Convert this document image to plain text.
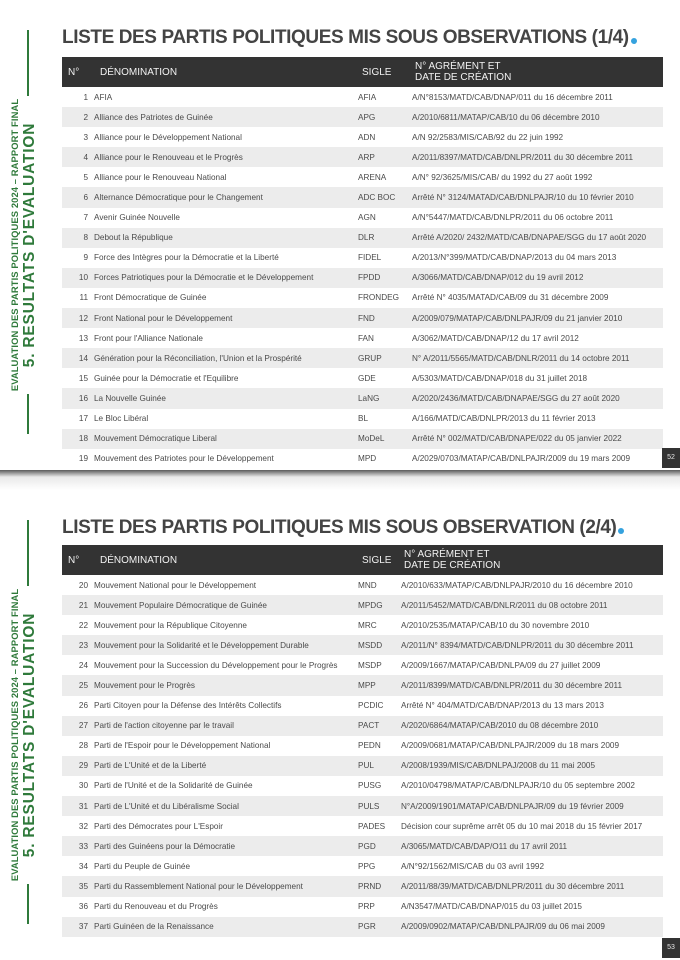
EVALUATION DES PARTIS POLITIQUES 2024 – RAPPORT FINAL 5. RESULTATS D'EVALUATION
LISTE DES PARTIS POLITIQUES MIS SOUS OBSERVATIONS (1/4)
N°	DÉNOMINATION	SIGLE	N° AGRÉMENT ET
DATE DE CRÉATION
1	AFIA	AFIA	A/N°8153/MATD/CAB/DNAP/011 du 16 décembre 2011
2	Alliance des Patriotes de Guinée	APG	A/2010/6811/MATAP/CAB/10 du 06 décembre 2010
3	Alliance pour le Développement National	ADN	A/N 92/2583/MIS/CAB/92 du 22 juin 1992
4	Alliance pour le Renouveau et le Progrès	ARP	A/2011/8397/MATD/CAB/DNLPR/2011 du 30 décembre 2011
5	Alliance pour le Renouveau National	ARENA	A/N° 92/3625/MIS/CAB/ du 1992 du 27 août 1992
6	Alternance Démocratique pour le Changement	ADC BOC	Arrêté N° 3124/MATAD/CAB/DNLPAJR/10 du 10 février 2010
7	Avenir Guinée Nouvelle	AGN	A/N°5447/MATD/CAB/DNLPR/2011 du 06 octobre 2011
8	Debout la République	DLR	Arrêté A/2020/ 2432/MATD/CAB/DNAPAE/SGG du 17 août 2020
9	Force des Intègres pour la Démocratie et la Liberté	FIDEL	A/2013/N°399/MATD/CAB/DNAP/2013 du 04 mars 2013
10	Forces Patriotiques pour la Démocratie et le Développement	FPDD	A/3066/MATD/CAB/DNAP/012 du 19 avril 2012
11	Front Démocratique de Guinée	FRONDEG	Arrêté N° 4035/MATAD/CAB/09 du 31 décembre 2009
12	Front National pour le Développement	FND	A/2009/079/MATAP/CAB/DNLPAJR/09 du 21 janvier 2010
13	Front pour l'Alliance Nationale	FAN	A/3062/MATD/CAB/DNAP/12 du 17 avril 2012
14	Génération pour la Réconciliation, l'Union et la Prospérité	GRUP	N° A/2011/5565/MATD/CAB/DNLR/2011 du 14 octobre 2011
15	Guinée pour la Démocratie et l'Equilibre	GDE	A/5303/MATD/CAB/DNAP/018 du 31 juillet 2018
16	La Nouvelle Guinée	LaNG	A/2020/2436/MATD/CAB/DNAPAE/SGG du 27 août 2020
17	Le Bloc Libéral	BL	A/166/MATD/CAB/DNLPR/2013 du 11 février 2013
18	Mouvement Démocratique Liberal	MoDeL	Arrêté N° 002/MATD/CAB/DNAPE/022 du 05 janvier 2022
19	Mouvement des Patriotes pour le Développement	MPD	A/2029/0703/MATAP/CAB/DNLPAJR/2009 du 19 mars 2009	52
EVALUATION DES PARTIS POLITIQUES 2024 – RAPPORT FINAL 5. RESULTATS D'EVALUATION
LISTE DES PARTIS POLITIQUES MIS SOUS OBSERVATION (2/4)
N°	DÉNOMINATION	SIGLE	N° AGRÉMENT ET
DATE DE CRÉATION
20	Mouvement National pour le Développement	MND	A/2010/633/MATAP/CAB/DNLPAJR/2010 du 16 décembre 2010
21	Mouvement Populaire Démocratique de Guinée	MPDG	A/2011/5452/MATD/CAB/DNLR/2011 du 08 octobre 2011
22	Mouvement pour la République Citoyenne	MRC	A/2010/2535/MATAP/CAB/10 du 30 novembre 2010
23	Mouvement pour la Solidarité et le Développement Durable	MSDD	A/2011/N° 8394/MATD/CAB/DNLPR/2011 du 30 décembre 2011
24	Mouvement pour la Succession du Développement pour le Progrès	MSDP	A/2009/1667/MATAP/CAB/DNLPA/09 du 27 juillet 2009
25	Mouvement pour le Progrès	MPP	A/2011/8399/MATD/CAB/DNLPR/2011 du 30 décembre 2011
26	Parti Citoyen pour la Défense des Intérêts Collectifs	PCDIC	Arrêté N° 404/MATD/CAB/DNAP/2013 du 13 mars 2013
27	Parti de l'action citoyenne par le travail	PACT	A/2020/6864/MATAP/CAB/2010 du 08 décembre 2010
28	Parti de l'Espoir pour le Développement National	PEDN	A/2009/0681/MATAP/CAB/DNLPAJR/2009 du 18 mars 2009
29	Parti de L'Unité et de la Liberté	PUL	A/2008/1939/MIS/CAB/DNLPAJ/2008 du 11 mai 2005
30	Parti de l'Unité et de la Solidarité de Guinée	PUSG	A/2010/04798/MATAP/CAB/DNLPAJR/10 du 05 septembre 2002
31	Parti de L'Unité et du Libéralisme Social	PULS	N°A/2009/1901/MATAP/CAB/DNLPAJR/09 du 19 février 2009
32	Parti des Démocrates pour L'Espoir	PADES	Décision cour suprême arrêt 05 du 10 mai 2018 du 15 février 2017
33	Parti des Guinéens pour la Démocratie	PGD	A/3065/MATD/CAB/DAP/O11 du 17 avril 2011
34	Parti du Peuple de Guinée	PPG	A/N°92/1562/MIS/CAB du 03 avril 1992
35	Parti du Rassemblement National pour le Développement	PRND	A/2011/88/39/MATD/CAB/DNLPR/2011 du 30 décembre 2011
36	Parti du Renouveau et du Progrès	PRP	A/N3547/MATD/CAB/DNAP/015 du 03 juillet 2015
37	Parti Guinéen de la Renaissance	PGR	A/2009/0902/MATAP/CAB/DNLPAJR/09 du 06 mai 2009
53
